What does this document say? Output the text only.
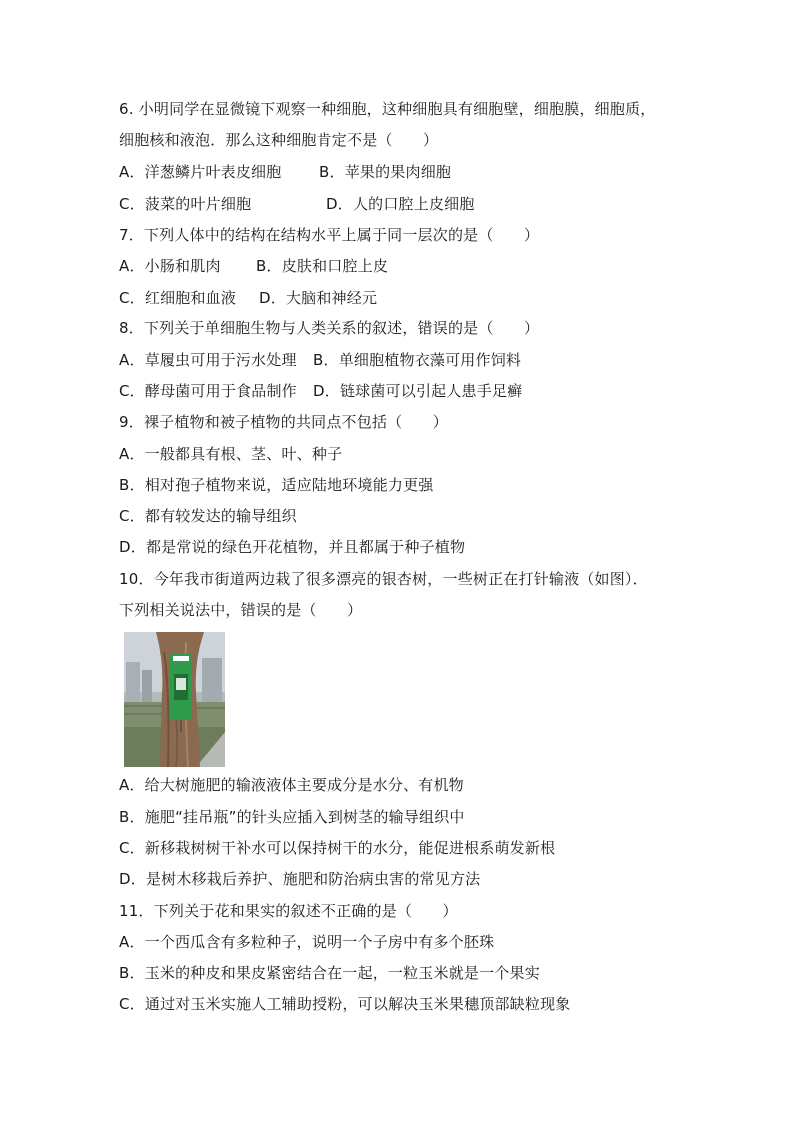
6. 小明同学在显微镜下观察一种细胞，这种细胞具有细胞壁，细胞膜，细胞质，
细胞核和液泡．那么这种细胞肯定不是（　　）
A．洋葱鳞片叶表皮细胞	B．苹果的果肉细胞
C．菠菜的叶片细胞	D．人的口腔上皮细胞
7．下列人体中的结构在结构水平上属于同一层次的是（　　）
A．小肠和肌肉 B．皮肤和口腔上皮
C．红细胞和血液 D．大脑和神经元
8．下列关于单细胞生物与人类关系的叙述，错误的是（　　）
A．草履虫可用于污水处理 B．单细胞植物衣藻可用作饲料
C．酵母菌可用于食品制作 D．链球菌可以引起人患手足癣
9．裸子植物和被子植物的共同点不包括（　　）
A．一般都具有根、茎、叶、种子
B．相对孢子植物来说，适应陆地环境能力更强
C．都有较发达的输导组织
D．都是常说的绿色开花植物，并且都属于种子植物
10．今年我市街道两边栽了很多漂亮的银杏树，一些树正在打针输液（如图）．
下列相关说法中，错误的是（　　）
A．给大树施肥的输液液体主要成分是水分、有机物
B．施肥“挂吊瓶”的针头应插入到树茎的输导组织中
C．新移栽树树干补水可以保持树干的水分，能促进根系萌发新根
D．是树木移栽后养护、施肥和防治病虫害的常见方法
11．下列关于花和果实的叙述不正确的是（　　）
A．一个西瓜含有多粒种子，说明一个子房中有多个胚珠
B．玉米的种皮和果皮紧密结合在一起，一粒玉米就是一个果实
C．通过对玉米实施人工辅助授粉，可以解决玉米果穗顶部缺粒现象
